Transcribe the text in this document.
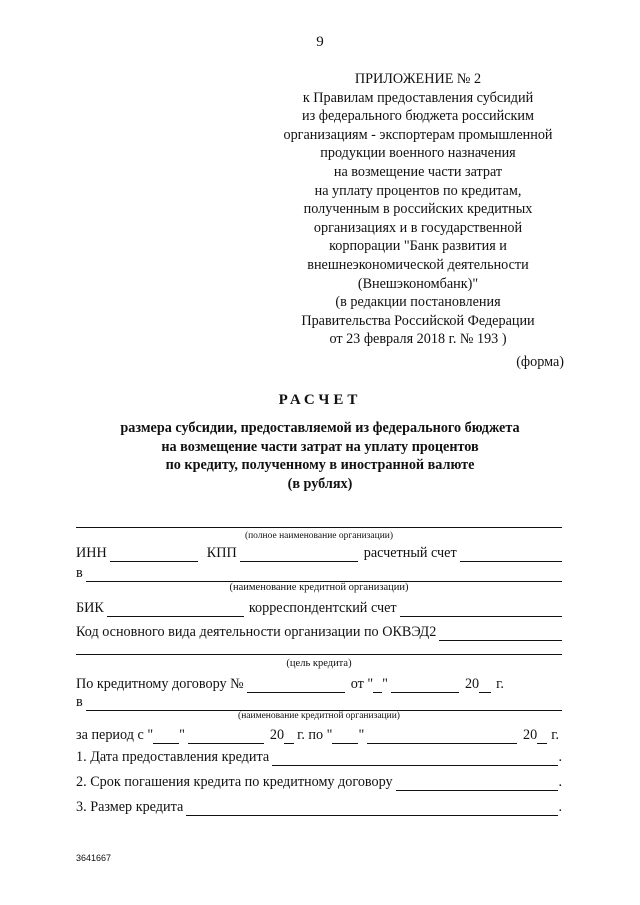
9
ПРИЛОЖЕНИЕ № 2
к Правилам предоставления субсидий
из федерального бюджета российским
организациям - экспортерам промышленной
продукции военного назначения
на возмещение части затрат
на уплату процентов по кредитам,
полученным в российских кредитных
организациях и в государственной
корпорации "Банк развития и
внешнеэкономической деятельности
(Внешэкономбанк)"
(в редакции постановления
Правительства Российской Федерации
от 23 февраля 2018 г. № 193 )
(форма)
РАСЧЕТ
размера субсидии, предоставляемой из федерального бюджета
на возмещение части затрат на уплату процентов
по кредиту, полученному в иностранной валюте
(в рублях)
(полное наименование организации)
ИНН	КПП	расчетный счет
в
(наименование кредитной организации)
БИК	корреспондентский счет
Код основного вида деятельности организации по ОКВЭД2
(цель кредита)
По кредитному договору №	от " "	20	г.
в
(наименование кредитной организации)
за период с " "	20 г. по " "	20 г.
1. Дата предоставления кредита	.
2. Срок погашения кредита по кредитному договору	.
3. Размер кредита	.
3641667
